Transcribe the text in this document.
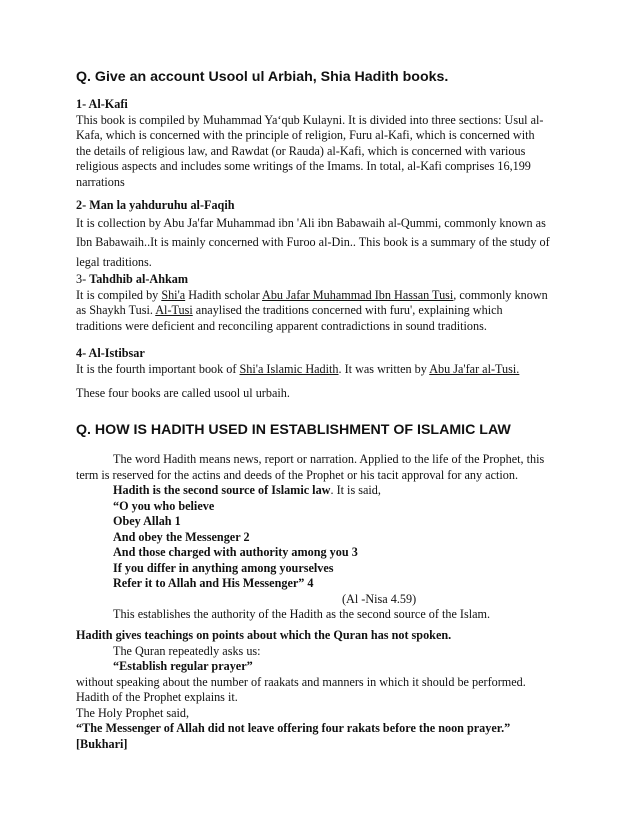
Q. Give an account Usool ul Arbiah, Shia Hadith books.

1- Al-Kafi

This book is compiled by Muhammad Ya‘qub Kulayni. It is divided into three sections: Usul al-

Kafa, which is concerned with the principle of religion, Furu al-Kafi, which is concerned with

the details of religious law, and Rawdat (or Rauda) al-Kafi, which is concerned with various

religious aspects and includes some writings of the Imams. In total, al-Kafi comprises 16,199

narrations

2- Man la yahduruhu al-Faqih

It is collection by Abu Ja'far Muhammad ibn 'Ali ibn Babawaih al-Qummi, commonly known as

Ibn Babawaih..It is mainly concerned with Furoo al-Din.. This book is a summary of the study of

legal traditions.

3- Tahdhib al-Ahkam

It is compiled by Shi'a Hadith scholar Abu Jafar Muhammad Ibn Hassan Tusi, commonly known

as Shaykh Tusi. Al-Tusi anaylised the traditions concerned with furu', explaining which

traditions were deficient and reconciling apparent contradictions in sound traditions.

4- Al-Istibsar

It is the fourth important book of Shi'a Islamic Hadith. It was written by Abu Ja'far al-Tusi.

These four books are called usool ul urbaih.

Q. HOW IS HADITH USED IN ESTABLISHMENT OF ISLAMIC LAW

The word Hadith means news, report or narration. Applied to the life of the Prophet, this

term is reserved for the actins and deeds of the Prophet or his tacit approval for any action.

Hadith is the second source of Islamic law. It is said,

“O you who believe

Obey Allah 1

And obey the Messenger 2

And those charged with authority among you 3

If you differ in anything among yourselves

Refer it to Allah and His Messenger” 4

(Al -Nisa 4.59)

This establishes the authority of the Hadith as the second source of the Islam.

Hadith gives teachings on points about which the Quran has not spoken.

The Quran repeatedly asks us:

“Establish regular prayer”

without speaking about the number of raakats and manners in which it should be performed.

Hadith of the Prophet explains it.

The Holy Prophet said,

“The Messenger of Allah did not leave offering four rakats before the noon prayer.”

[Bukhari]
